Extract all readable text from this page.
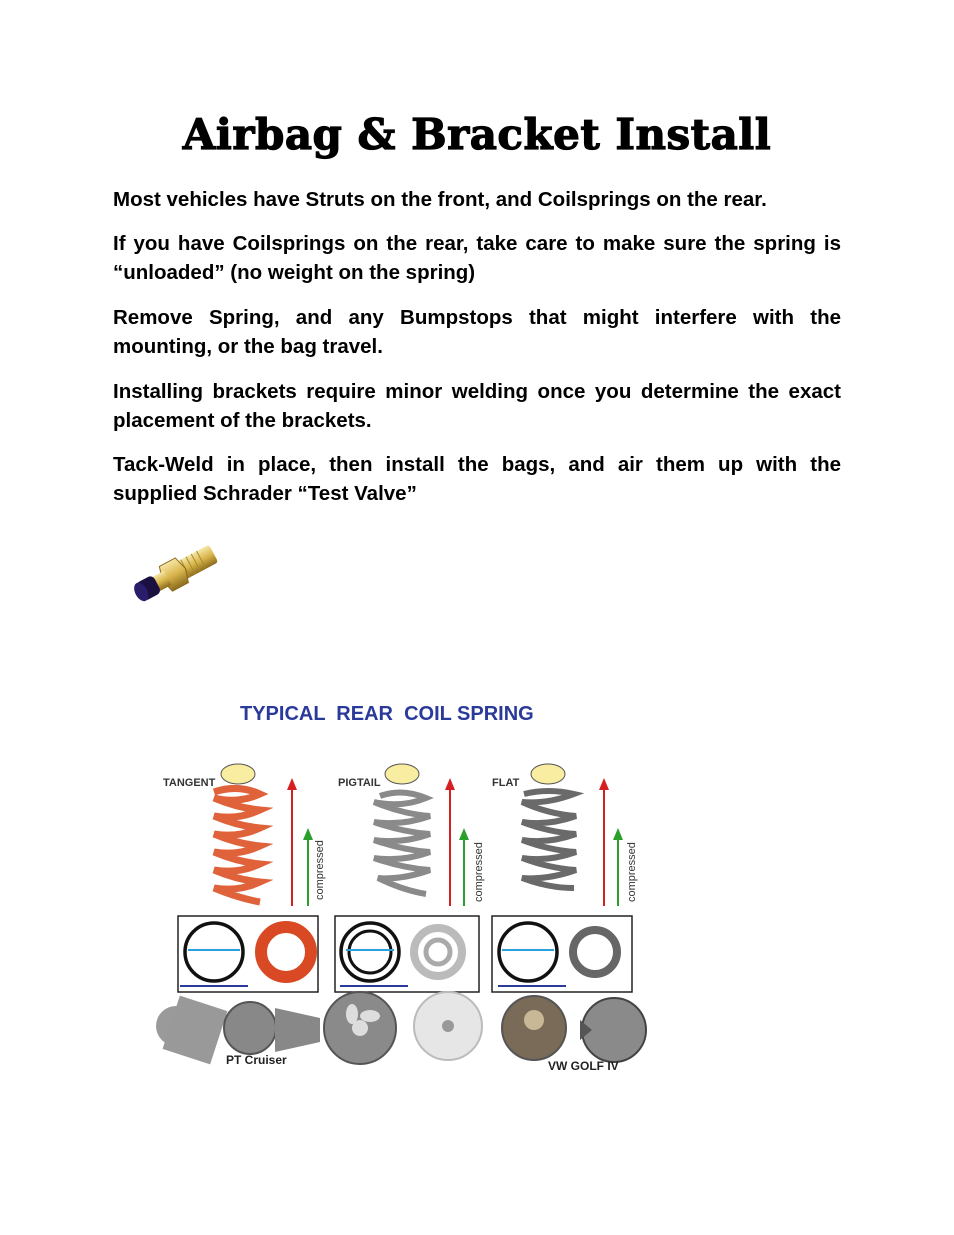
Airbag & Bracket Install

Most vehicles have Struts on the front, and Coilsprings on the rear.

If you have Coilsprings on the rear, take care to make sure the spring is “unloaded” (no weight on the spring)

Remove Spring, and any Bumpstops that might interfere with the mounting, or the bag travel.

Installing brackets require minor welding once you determine the exact placement of the brackets.

Tack-Weld in place, then install the bags, and air them up with the supplied Schrader “Test Valve”

TYPICAL  REAR  COIL SPRING
TANGENT
compressed
PT Cruiser
PIGTAIL
compressed
FLAT
compressed
VW GOLF IV
